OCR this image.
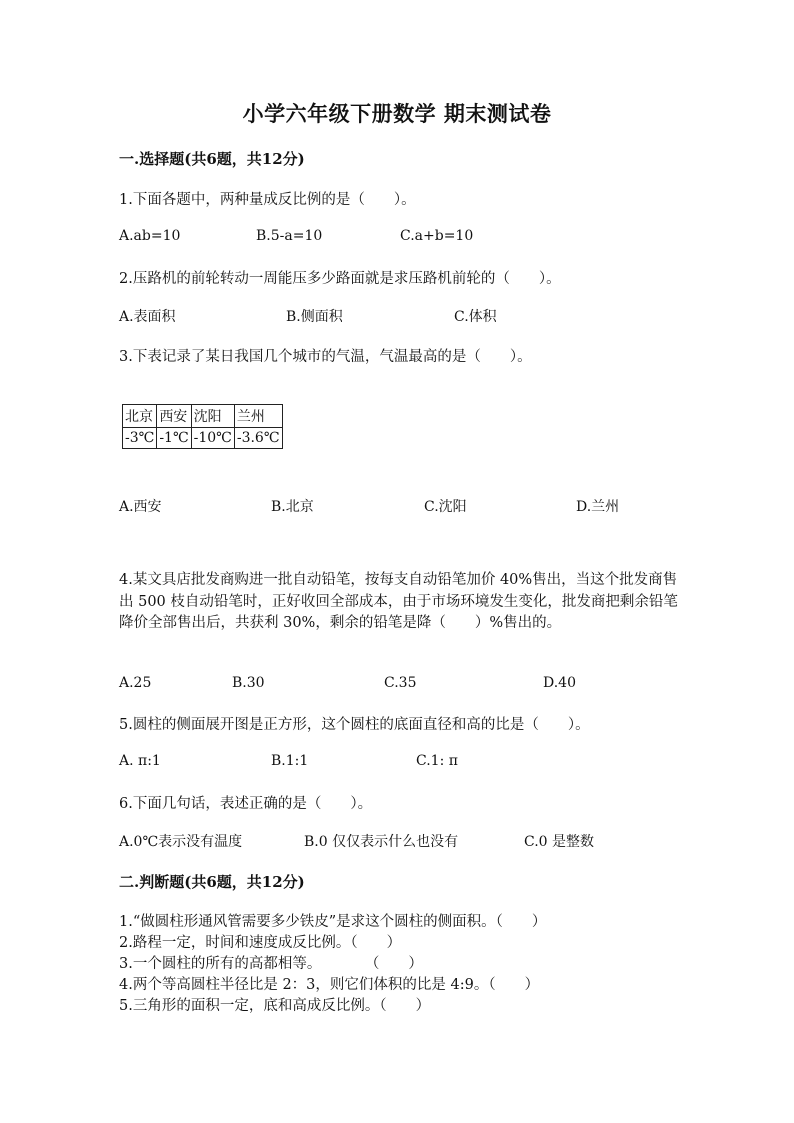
小学六年级下册数学 期末测试卷
一.选择题(共6题，共12分)
1.下面各题中，两种量成反比例的是（　　）。
A.ab=10	B.5-a=10	C.a+b=10
2.压路机的前轮转动一周能压多少路面就是求压路机前轮的（　　）。
A.表面积	B.侧面积	C.体积
3.下表记录了某日我国几个城市的气温，气温最高的是（　　）。
北京	西安	沈阳	兰州
-3℃	-1℃	-10℃	-3.6℃
A.西安	B.北京	C.沈阳	D.兰州
4.某文具店批发商购进一批自动铅笔，按每支自动铅笔加价 40%售出，当这个批发商售出 500 枝自动铅笔时，正好收回全部成本，由于市场环境发生变化，批发商把剩余铅笔降价全部售出后，共获利 30%，剩余的铅笔是降（　　）%售出的。
A.25	B.30	C.35	D.40
5.圆柱的侧面展开图是正方形，这个圆柱的底面直径和高的比是（　　）。
A. π:1	B.1:1	C.1: π
6.下面几句话，表述正确的是（　　）。
A.0℃表示没有温度	B.0 仅仅表示什么也没有	C.0 是整数
二.判断题(共6题，共12分)
1.“做圆柱形通风管需要多少铁皮”是求这个圆柱的侧面积。（　　）
2.路程一定，时间和速度成反比例。（　　）
3.一个圆柱的所有的高都相等。　　　　（　　）
4.两个等高圆柱半径比是 2：3，则它们体积的比是 4:9。（　　）
5.三角形的面积一定，底和高成反比例。（　　）
